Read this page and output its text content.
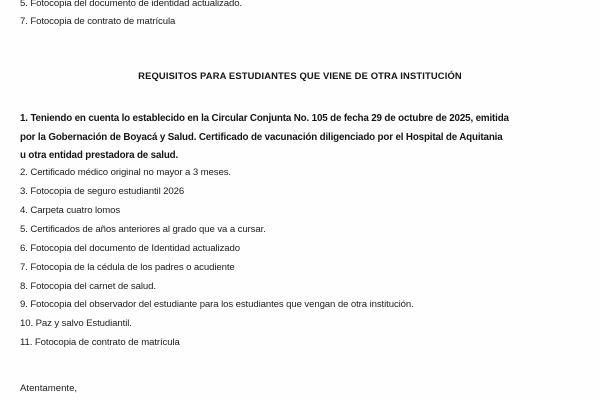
5. Fotocopia del documento de identidad actualizado.
7. Fotocopia de contrato de matrícula
REQUISITOS PARA ESTUDIANTES QUE VIENE DE OTRA INSTITUCIÓN
1. Teniendo en cuenta lo establecido en la Circular Conjunta No. 105 de fecha 29 de octubre de 2025, emitida
por la Gobernación de Boyacá y Salud. Certificado de vacunación diligenciado por el Hospital de Aquitania
u otra entidad prestadora de salud.
2. Certificado médico original no mayor a 3 meses.
3. Fotocopia de seguro estudiantil 2026
4. Carpeta cuatro lomos
5. Certificados de años anteriores al grado que va a cursar.
6. Fotocopia del documento de Identidad actualizado
7. Fotocopia de la cédula de los padres o acudiente
8. Fotocopia del carnet de salud.
9. Fotocopia del observador del estudiante para los estudiantes que vengan de otra institución.
10. Paz y salvo Estudiantil.
11. Fotocopia de contrato de matrícula
Atentamente,
